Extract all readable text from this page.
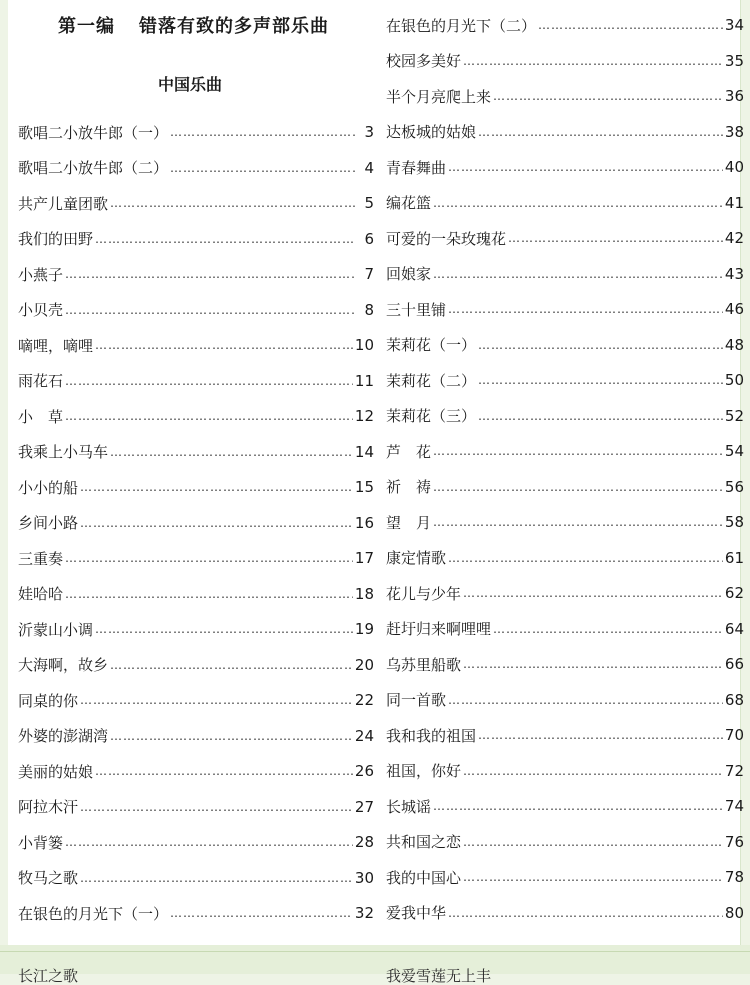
第一编 错落有致的多声部乐曲
中国乐曲
歌唱二小放牛郎（一） ……………………………………………………………………………………………………………………………………	3
歌唱二小放牛郎（二） ……………………………………………………………………………………………………………………………………	4
共产儿童团歌 ……………………………………………………………………………………………………………………………………	5
我们的田野 ……………………………………………………………………………………………………………………………………	6
小燕子 ……………………………………………………………………………………………………………………………………	7
小贝壳 ……………………………………………………………………………………………………………………………………	8
嘀哩，嘀哩 ……………………………………………………………………………………………………………………………………	10
雨花石 ……………………………………………………………………………………………………………………………………	11
小　草 ……………………………………………………………………………………………………………………………………	12
我乘上小马车 ……………………………………………………………………………………………………………………………………	14
小小的船 ……………………………………………………………………………………………………………………………………	15
乡间小路 ……………………………………………………………………………………………………………………………………	16
三重奏 ……………………………………………………………………………………………………………………………………	17
娃哈哈 ……………………………………………………………………………………………………………………………………	18
沂蒙山小调 ……………………………………………………………………………………………………………………………………	19
大海啊，故乡 ……………………………………………………………………………………………………………………………………	20
同桌的你 ……………………………………………………………………………………………………………………………………	22
外婆的澎湖湾 ……………………………………………………………………………………………………………………………………	24
美丽的姑娘 ……………………………………………………………………………………………………………………………………	26
阿拉木汗 ……………………………………………………………………………………………………………………………………	27
小背篓 ……………………………………………………………………………………………………………………………………	28
牧马之歌 ……………………………………………………………………………………………………………………………………	30
在银色的月光下（一） ……………………………………………………………………………………………………………………………………	32
在银色的月光下（二） ……………………………………………………………………………………………………………………………………	34
校园多美好 ……………………………………………………………………………………………………………………………………	35
半个月亮爬上来 ……………………………………………………………………………………………………………………………………	36
达板城的姑娘 ……………………………………………………………………………………………………………………………………	38
青春舞曲 ……………………………………………………………………………………………………………………………………	40
编花篮 ……………………………………………………………………………………………………………………………………	41
可爱的一朵玫瑰花 ……………………………………………………………………………………………………………………………………	42
回娘家 ……………………………………………………………………………………………………………………………………	43
三十里铺 ……………………………………………………………………………………………………………………………………	46
茉莉花（一） ……………………………………………………………………………………………………………………………………	48
茉莉花（二） ……………………………………………………………………………………………………………………………………	50
茉莉花（三） ……………………………………………………………………………………………………………………………………	52
芦　花 ……………………………………………………………………………………………………………………………………	54
祈　祷 ……………………………………………………………………………………………………………………………………	56
望　月 ……………………………………………………………………………………………………………………………………	58
康定情歌 ……………………………………………………………………………………………………………………………………	61
花儿与少年 ……………………………………………………………………………………………………………………………………	62
赶圩归来啊哩哩 ……………………………………………………………………………………………………………………………………	64
乌苏里船歌 ……………………………………………………………………………………………………………………………………	66
同一首歌 ……………………………………………………………………………………………………………………………………	68
我和我的祖国 ……………………………………………………………………………………………………………………………………	70
祖国，你好 ……………………………………………………………………………………………………………………………………	72
长城谣 ……………………………………………………………………………………………………………………………………	74
共和国之恋 ……………………………………………………………………………………………………………………………………	76
我的中国心 ……………………………………………………………………………………………………………………………………	78
爱我中华 ……………………………………………………………………………………………………………………………………	80
长江之歌	我爱雪莲无上丰
